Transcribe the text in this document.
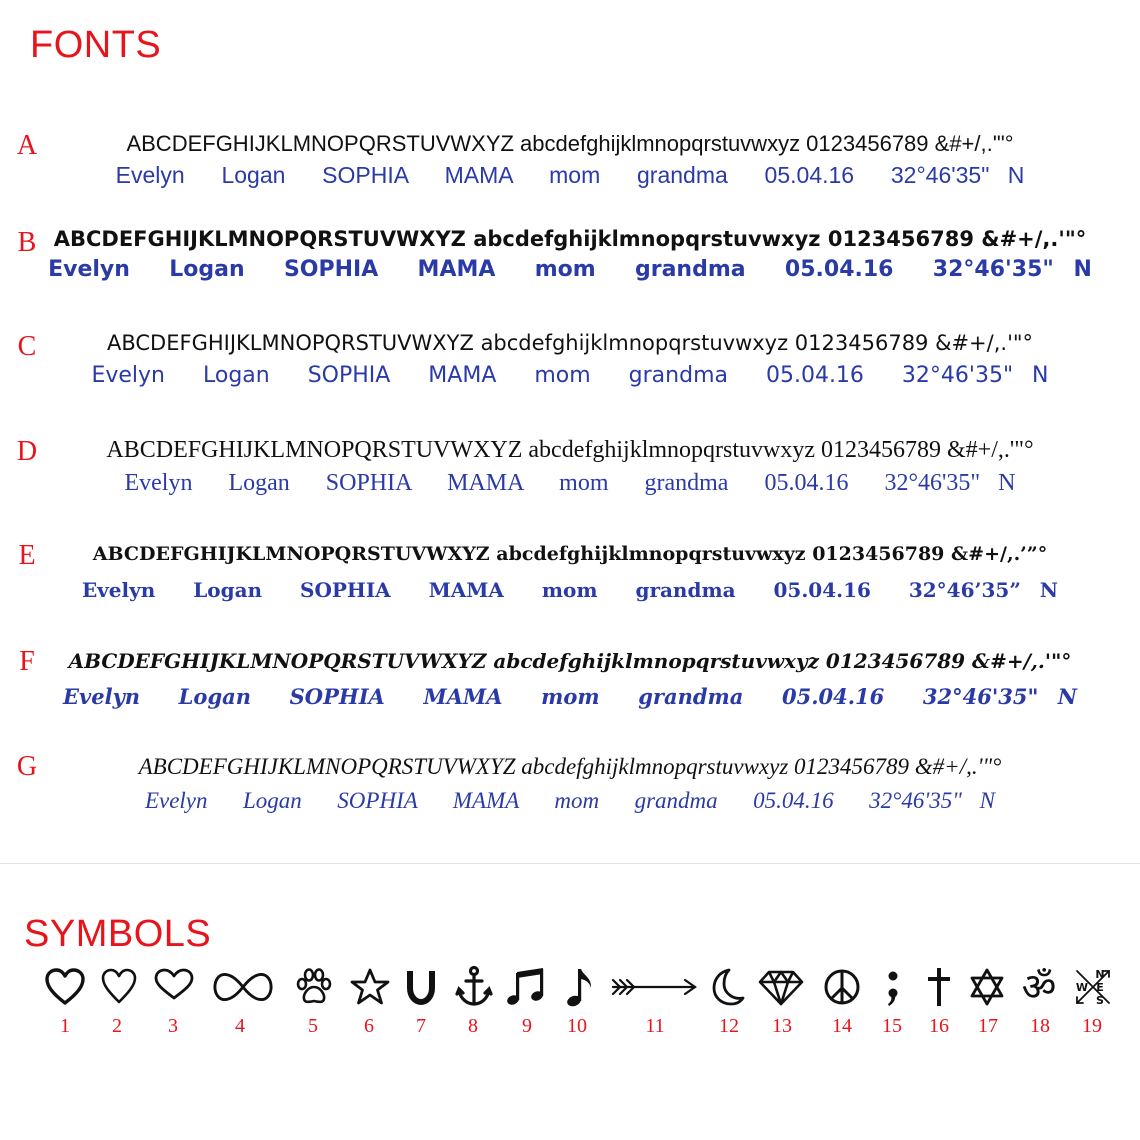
FONTS
A	ABCDEFGHIJKLMNOPQRSTUVWXYZ abcdefghijklmnopqrstuvwxyz 0123456789 &#+/,.'"°
Evelyn  Logan  SOPHIA  MAMA  mom  grandma  05.04.16  32°46'35" N
B ABCDEFGHIJKLMNOPQRSTUVWXYZ abcdefghijklmnopqrstuvwxyz 0123456789 &#+/,.'"°
Evelyn  Logan  SOPHIA  MAMA  mom  grandma  05.04.16  32°46'35" N
C	ABCDEFGHIJKLMNOPQRSTUVWXYZ abcdefghijklmnopqrstuvwxyz 0123456789 &#+/,.'"°
Evelyn  Logan  SOPHIA  MAMA  mom  grandma  05.04.16  32°46'35" N
D	ABCDEFGHIJKLMNOPQRSTUVWXYZ abcdefghijklmnopqrstuvwxyz 0123456789 &#+/,.'"°
Evelyn  Logan  SOPHIA  MAMA  mom  grandma  05.04.16  32°46'35" N
E	ABCDEFGHIJKLMNOPQRSTUVWXYZ abcdefghijklmnopqrstuvwxyz 0123456789 &#+/,.’”°
Evelyn  Logan  SOPHIA  MAMA  mom  grandma  05.04.16  32°46’35” N
F	ABCDEFGHIJKLMNOPQRSTUVWXYZ abcdefghijklmnopqrstuvwxyz 0123456789 &#+/,.'"°
Evelyn  Logan  SOPHIA  MAMA  mom  grandma  05.04.16  32°46'35" N
G	ABCDEFGHIJKLMNOPQRSTUVWXYZ abcdefghijklmnopqrstuvwxyz 0123456789 &#+/,.'"°
Evelyn  Logan  SOPHIA  MAMA  mom  grandma  05.04.16  32°46'35" N
SYMBOLS
ॐ	N
W E
S
1	2	3	4	5	6	7	8	9	10	11	12	13	14	15	16	17	18	19
